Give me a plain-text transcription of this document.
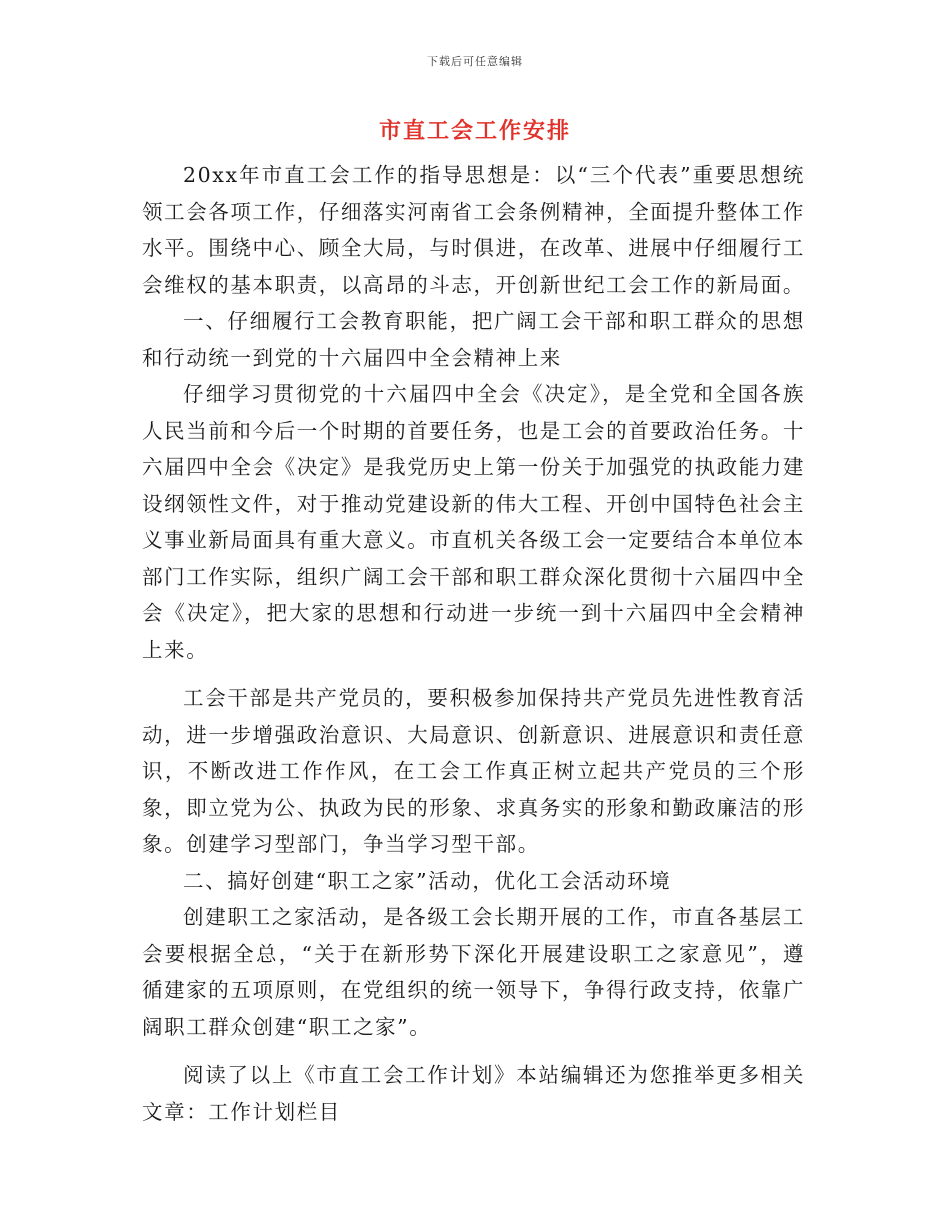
下载后可任意编辑
市直工会工作安排

20xx年市直工会工作的指导思想是：以“三个代表”重要思想统领工会各项工作，仔细落实河南省工会条例精神，全面提升整体工作水平。围绕中心、顾全大局，与时俱进，在改革、进展中仔细履行工会维权的基本职责，以高昂的斗志，开创新世纪工会工作的新局面。

一、仔细履行工会教育职能，把广阔工会干部和职工群众的思想和行动统一到党的十六届四中全会精神上来

仔细学习贯彻党的十六届四中全会《决定》，是全党和全国各族人民当前和今后一个时期的首要任务，也是工会的首要政治任务。十六届四中全会《决定》是我党历史上第一份关于加强党的执政能力建设纲领性文件，对于推动党建设新的伟大工程、开创中国特色社会主义事业新局面具有重大意义。市直机关各级工会一定要结合本单位本部门工作实际，组织广阔工会干部和职工群众深化贯彻十六届四中全会《决定》，把大家的思想和行动进一步统一到十六届四中全会精神上来。

工会干部是共产党员的，要积极参加保持共产党员先进性教育活动，进一步增强政治意识、大局意识、创新意识、进展意识和责任意识，不断改进工作作风，在工会工作真正树立起共产党员的三个形象，即立党为公、执政为民的形象、求真务实的形象和勤政廉洁的形象。创建学习型部门，争当学习型干部。

二、搞好创建“职工之家”活动，优化工会活动环境

创建职工之家活动，是各级工会长期开展的工作，市直各基层工会要根据全总，“关于在新形势下深化开展建设职工之家意见”，遵循建家的五项原则，在党组织的统一领导下，争得行政支持，依靠广阔职工群众创建“职工之家”。

阅读了以上《市直工会工作计划》本站编辑还为您推举更多相关文章：工作计划栏目
